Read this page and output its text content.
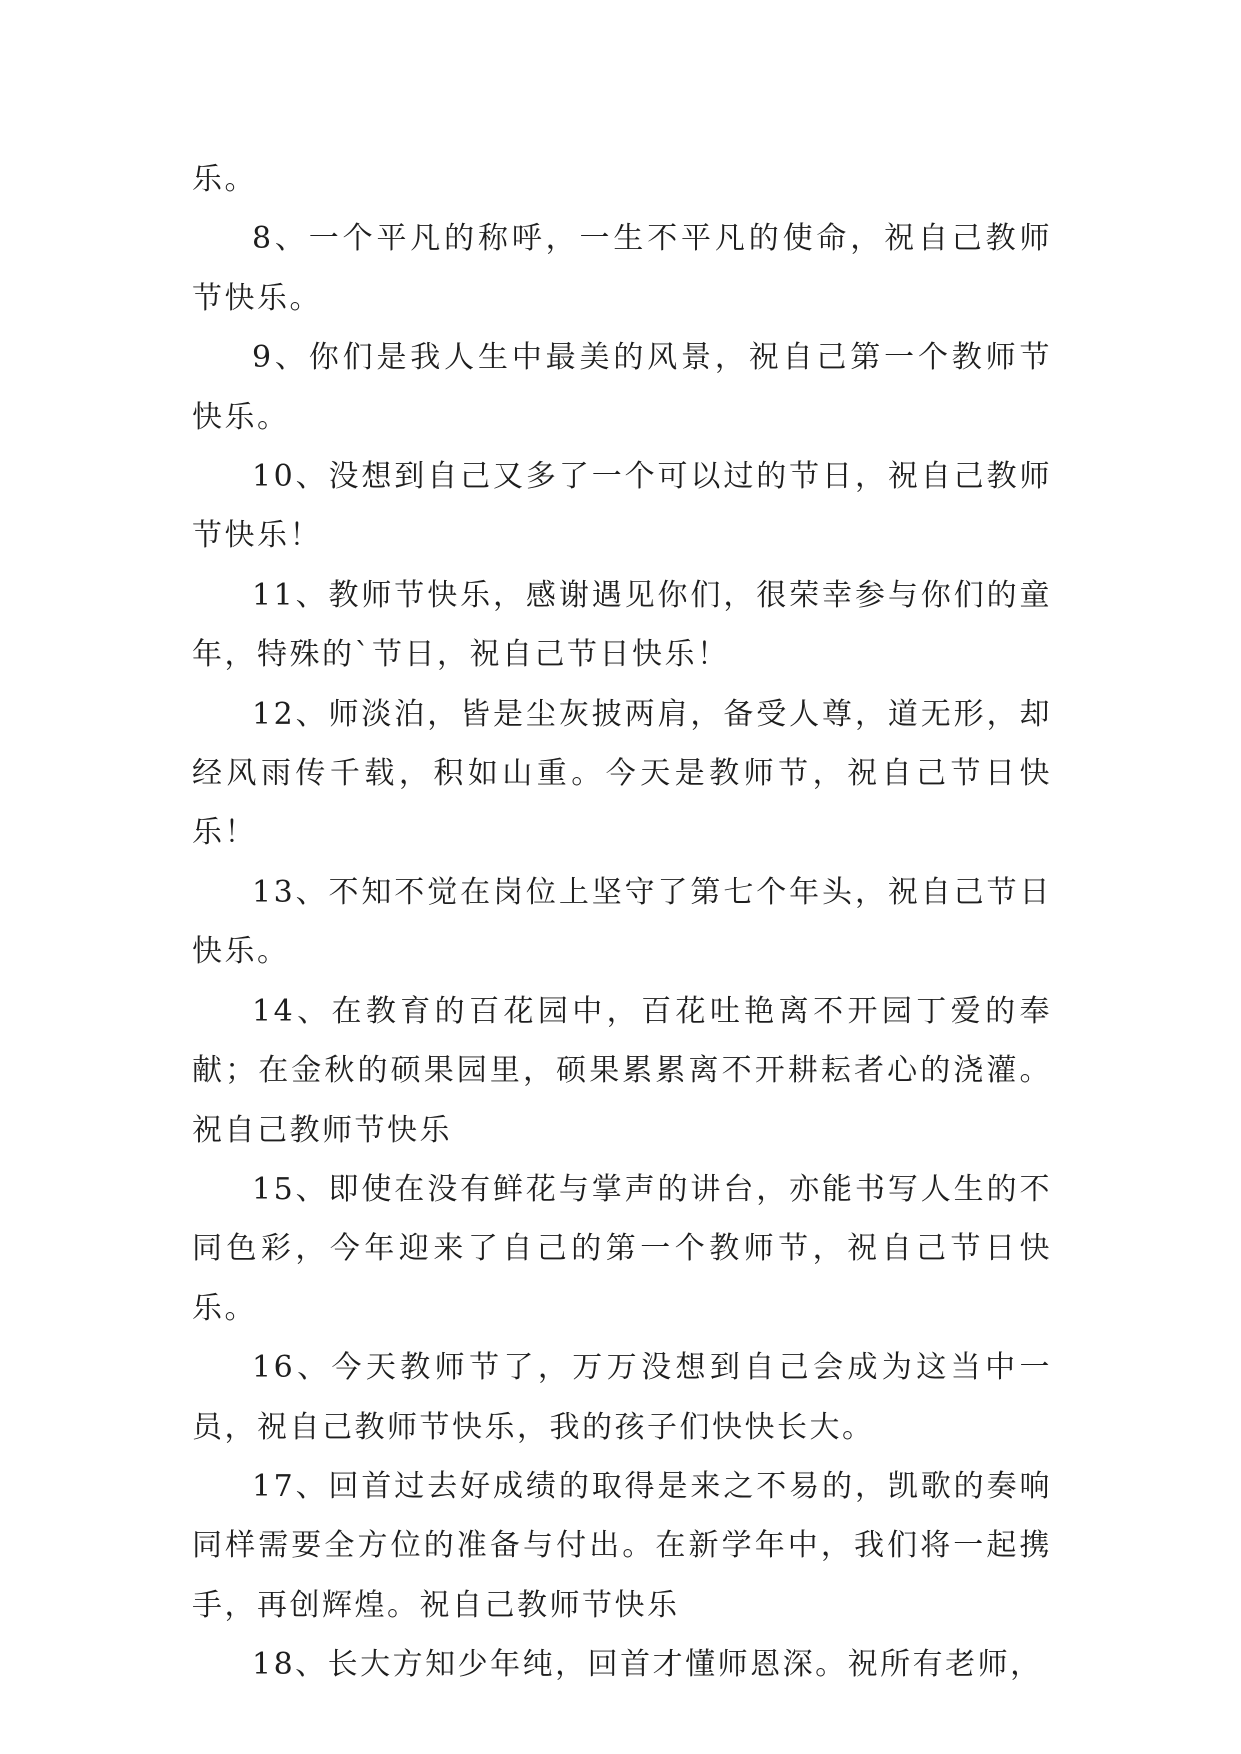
乐。

8、一个平凡的称呼，一生不平凡的使命，祝自己教师节快乐。

9、你们是我人生中最美的风景，祝自己第一个教师节快乐。

10、没想到自己又多了一个可以过的节日，祝自己教师节快乐！

11、教师节快乐，感谢遇见你们，很荣幸参与你们的童年，特殊的`节日，祝自己节日快乐！

12、师淡泊，皆是尘灰披两肩，备受人尊，道无形，却经风雨传千载，积如山重。今天是教师节，祝自己节日快乐！

13、不知不觉在岗位上坚守了第七个年头，祝自己节日快乐。

14、在教育的百花园中，百花吐艳离不开园丁爱的奉献；在金秋的硕果园里，硕果累累离不开耕耘者心的浇灌。祝自己教师节快乐

15、即使在没有鲜花与掌声的讲台，亦能书写人生的不同色彩，今年迎来了自己的第一个教师节，祝自己节日快乐。

16、今天教师节了，万万没想到自己会成为这当中一员，祝自己教师节快乐，我的孩子们快快长大。

17、回首过去好成绩的取得是来之不易的，凯歌的奏响同样需要全方位的准备与付出。在新学年中，我们将一起携手，再创辉煌。祝自己教师节快乐

18、长大方知少年纯，回首才懂师恩深。祝所有老师，
